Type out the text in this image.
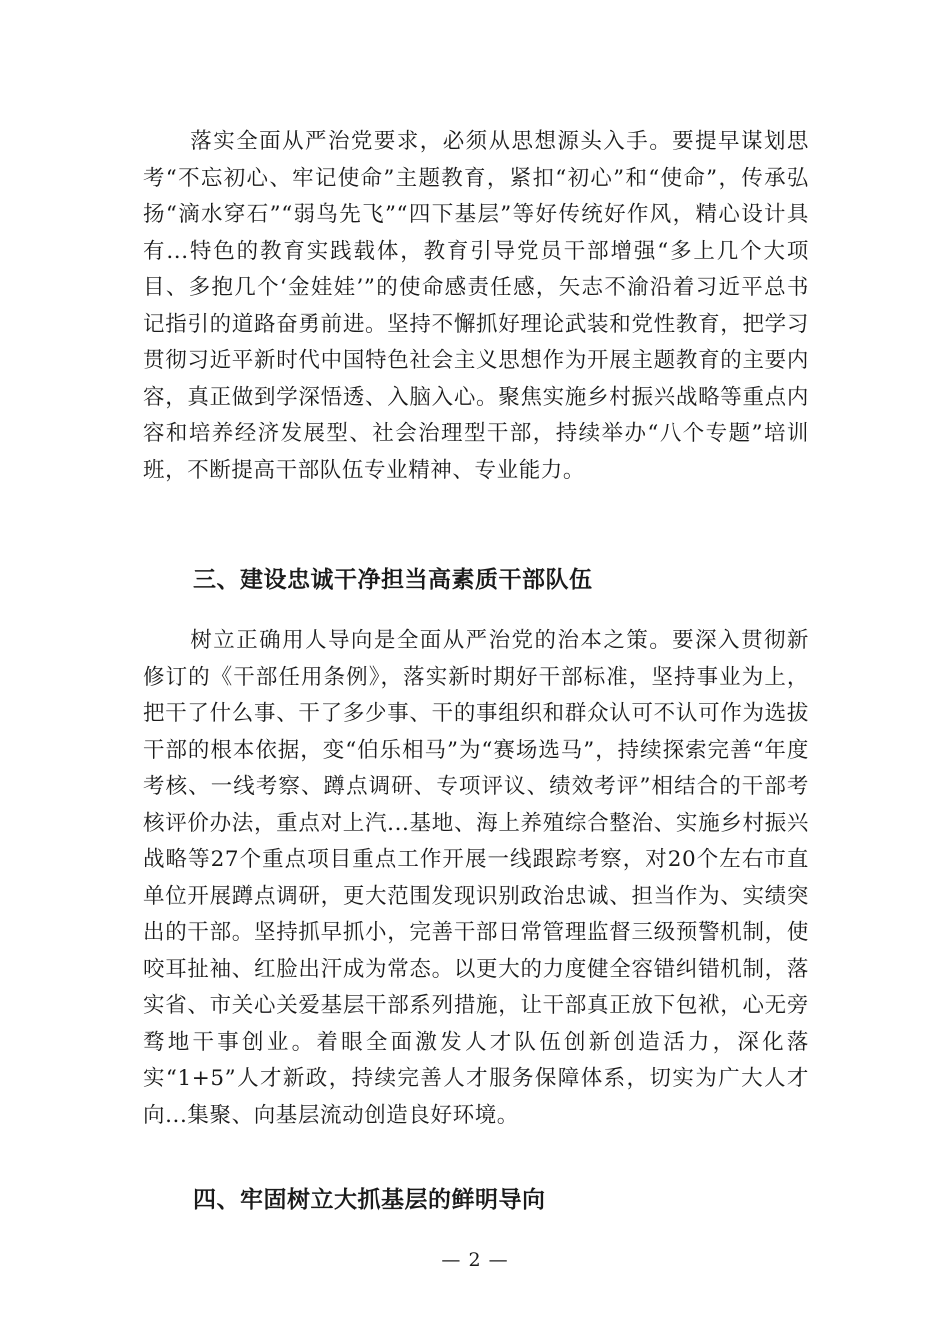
落实全面从严治党要求，必须从思想源头入手。要提早谋划思考“不忘初心、牢记使命”主题教育，紧扣“初心”和“使命”，传承弘扬“滴水穿石”“弱鸟先飞”“四下基层”等好传统好作风，精心设计具有...特色的教育实践载体，教育引导党员干部增强“多上几个大项目、多抱几个‘金娃娃’”的使命感责任感，矢志不渝沿着习近平总书记指引的道路奋勇前进。坚持不懈抓好理论武装和党性教育，把学习贯彻习近平新时代中国特色社会主义思想作为开展主题教育的主要内容，真正做到学深悟透、入脑入心。聚焦实施乡村振兴战略等重点内容和培养经济发展型、社会治理型干部，持续举办“八个专题”培训班，不断提高干部队伍专业精神、专业能力。

三、建设忠诚干净担当高素质干部队伍

树立正确用人导向是全面从严治党的治本之策。要深入贯彻新修订的《干部任用条例》，落实新时期好干部标准，坚持事业为上，把干了什么事、干了多少事、干的事组织和群众认可不认可作为选拔干部的根本依据，变“伯乐相马”为“赛场选马”，持续探索完善“年度考核、一线考察、蹲点调研、专项评议、绩效考评”相结合的干部考核评价办法，重点对上汽...基地、海上养殖综合整治、实施乡村振兴战略等27个重点项目重点工作开展一线跟踪考察，对20个左右市直单位开展蹲点调研，更大范围发现识别政治忠诚、担当作为、实绩突出的干部。坚持抓早抓小，完善干部日常管理监督三级预警机制，使咬耳扯袖、红脸出汗成为常态。以更大的力度健全容错纠错机制，落实省、市关心关爱基层干部系列措施，让干部真正放下包袱，心无旁骛地干事创业。着眼全面激发人才队伍创新创造活力，深化落实“1+5”人才新政，持续完善人才服务保障体系，切实为广大人才向...集聚、向基层流动创造良好环境。

四、牢固树立大抓基层的鲜明导向
— 2 —
